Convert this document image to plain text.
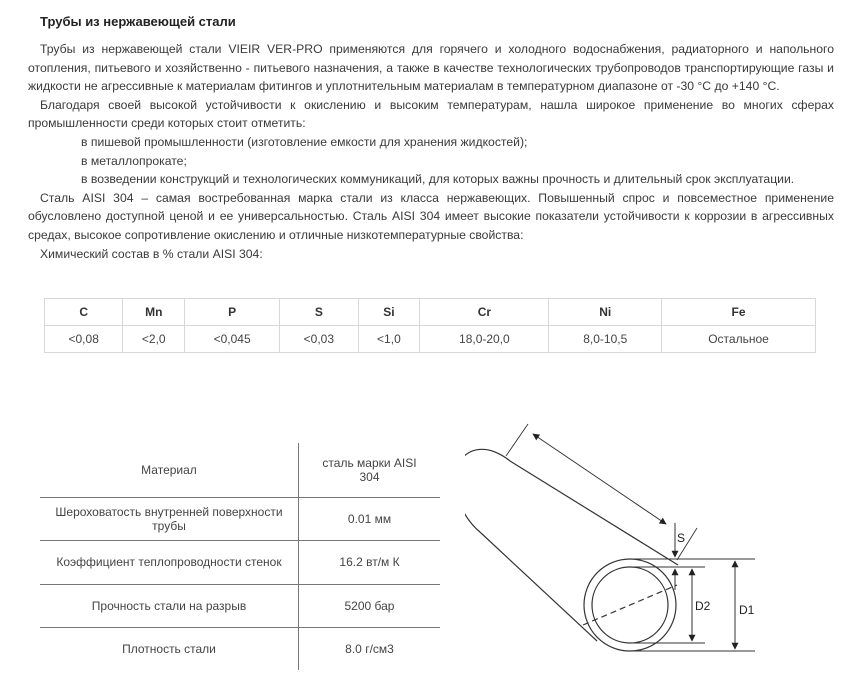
Трубы из нержавеющей стали

Трубы из нержавеющей стали VIEIR VER-PRO применяются для горячего и холодного водоснабжения, радиаторного и напольного отопления, питьевого и хозяйственно - питьевого назначения, а также в качестве технологических трубопроводов транспортирующие газы и жидкости не агрессивные к материалам фитингов и уплотнительным материалам в температурном диапазоне от -30 °С до +140 °С.

Благодаря своей высокой устойчивости к окислению и высоким температурам, нашла широкое применение во многих сферах промышленности среди которых стоит отметить:

в пишевой промышленности (изготовление емкости для хранения жидкостей);

в металлопрокате;

в возведении конструкций и технологических коммуникаций, для которых важны прочность и длительный срок эксплуатации.

Сталь AISI 304 – самая востребованная марка стали из класса нержавеющих. Повышенный спрос и повсеместное применение обусловлено доступной ценой и ее универсальностью. Сталь AISI 304 имеет высокие показатели устойчивости к коррозии в агрессивных средах, высокое сопротивление окислению и отличные низкотемпературные свойства:

Химический состав в % стали AISI 304:

C	Mn	P	S	Si	Cr	Ni	Fe
<0,08	<2,0	<0,045	<0,03	<1,0	18,0-20,0	8,0-10,5	Остальное
Материал	сталь марки AISI 304
Шероховатость внутренней поверхности трубы	0.01 мм
Коэффициент теплопроводности стенок	16.2 вт/м К
Прочность стали на разрыв	5200 бар
Плотность стали	8.0 г/см3
S
D2 D1
